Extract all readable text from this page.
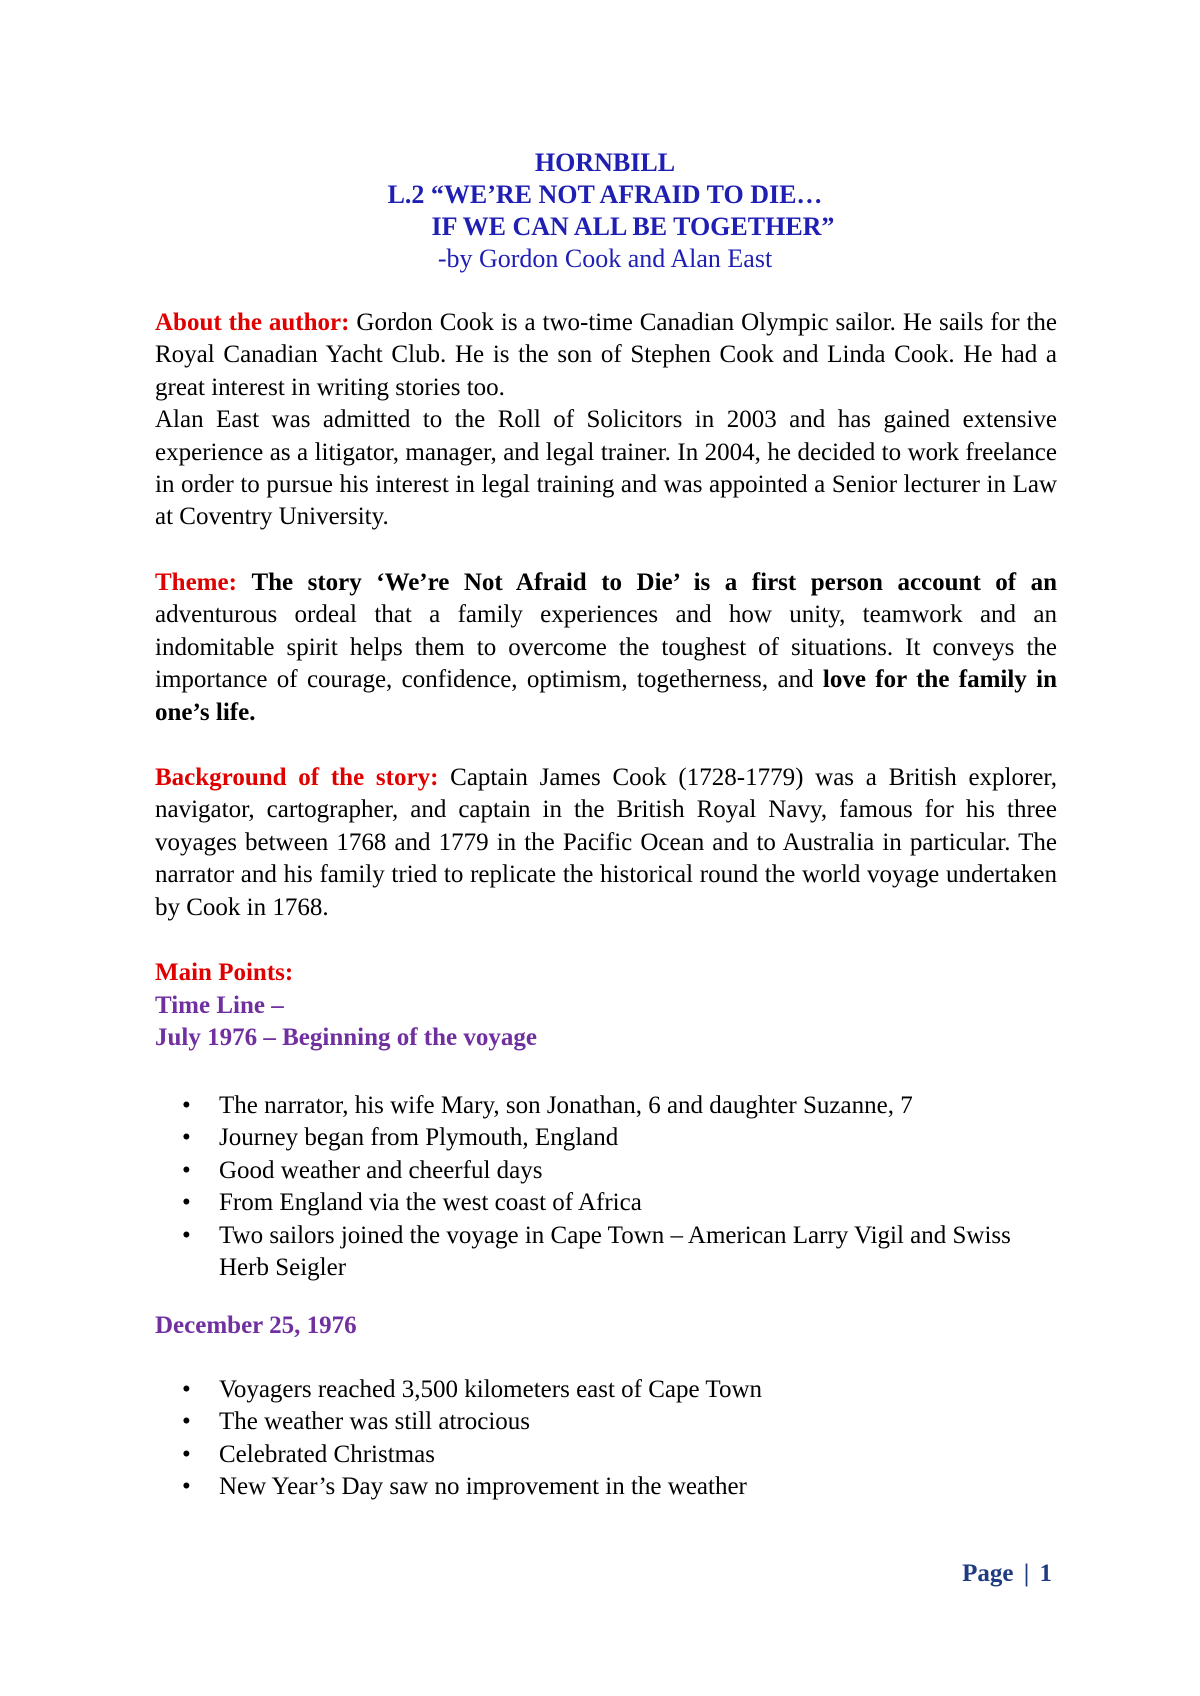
HORNBILL
L.2 “WE’RE NOT AFRAID TO DIE…
IF WE CAN ALL BE TOGETHER”
-by Gordon Cook and Alan East

About the author: Gordon Cook is a two-time Canadian Olympic sailor. He sails for the Royal Canadian Yacht Club. He is the son of Stephen Cook and Linda Cook. He had a great interest in writing stories too.

Alan East was admitted to the Roll of Solicitors in 2003 and has gained extensive experience as a litigator, manager, and legal trainer. In 2004, he decided to work freelance in order to pursue his interest in legal training and was appointed a Senior lecturer in Law at Coventry University.

Theme: The story ‘We’re Not Afraid to Die’ is a first person account of an adventurous ordeal that a family experiences and how unity, teamwork and an indomitable spirit helps them to overcome the toughest of situations. It conveys the importance of courage, confidence, optimism, togetherness, and love for the family in one’s life.

Background of the story: Captain James Cook (1728-1779) was a British explorer, navigator, cartographer, and captain in the British Royal Navy, famous for his three voyages between 1768 and 1779 in the Pacific Ocean and to Australia in particular. The narrator and his family tried to replicate the historical round the world voyage undertaken by Cook in 1768.

Main Points:

Time Line –

July 1976 – Beginning of the voyage

• The narrator, his wife Mary, son Jonathan, 6 and daughter Suzanne, 7
• Journey began from Plymouth, England
• Good weather and cheerful days
• From England via the west coast of Africa
• Two sailors joined the voyage in Cape Town – American Larry Vigil and Swiss Herb Seigler
December 25, 1976
• Voyagers reached 3,500 kilometers east of Cape Town
• The weather was still atrocious
• Celebrated Christmas
• New Year’s Day saw no improvement in the weather
Page | 1
